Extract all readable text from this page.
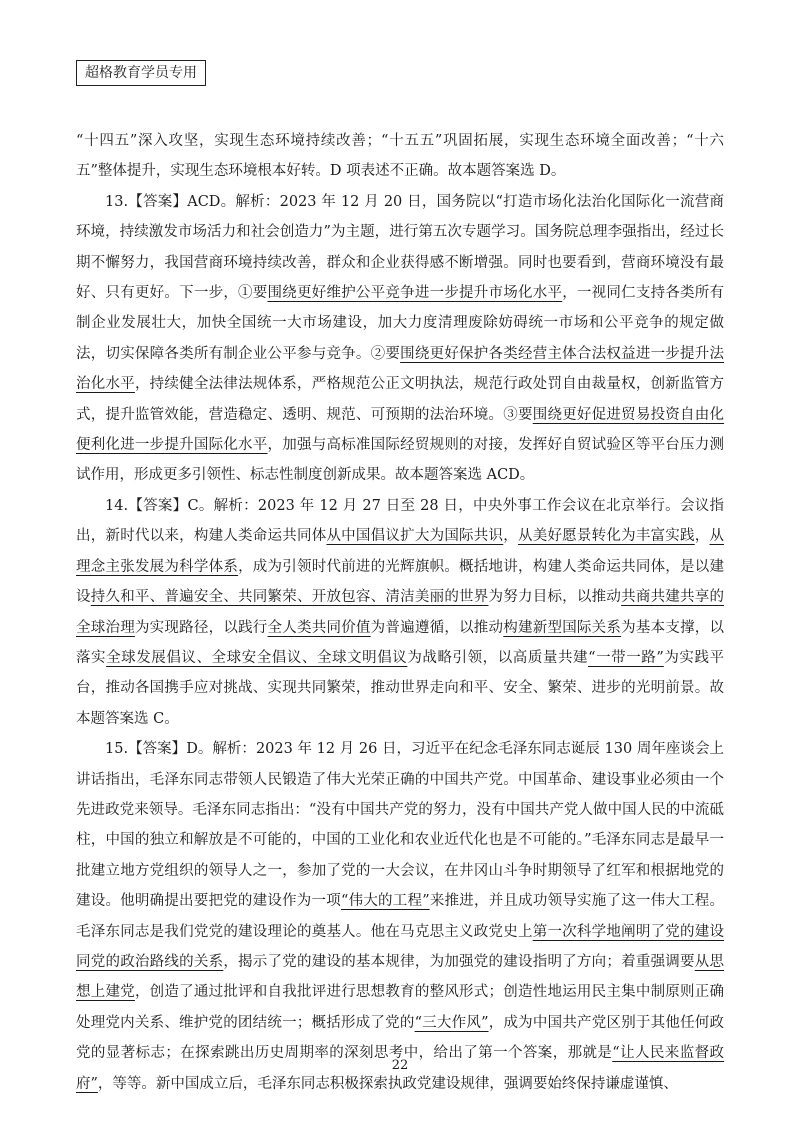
超格教育学员专用

“十四五”深入攻坚，实现生态环境持续改善；“十五五”巩固拓展，实现生态环境全面改善；“十六五”整体提升，实现生态环境根本好转。D 项表述不正确。故本题答案选 D。

13.【答案】ACD。解析：2023 年 12 月 20 日，国务院以“打造市场化法治化国际化一流营商环境，持续激发市场活力和社会创造力”为主题，进行第五次专题学习。国务院总理李强指出，经过长期不懈努力，我国营商环境持续改善，群众和企业获得感不断增强。同时也要看到，营商环境没有最好、只有更好。下一步，①要围绕更好维护公平竞争进一步提升市场化水平，一视同仁支持各类所有制企业发展壮大，加快全国统一大市场建设，加大力度清理废除妨碍统一市场和公平竞争的规定做法，切实保障各类所有制企业公平参与竞争。②要围绕更好保护各类经营主体合法权益进一步提升法治化水平，持续健全法律法规体系，严格规范公正文明执法，规范行政处罚自由裁量权，创新监管方式，提升监管效能，营造稳定、透明、规范、可预期的法治环境。③要围绕更好促进贸易投资自由化便利化进一步提升国际化水平，加强与高标准国际经贸规则的对接，发挥好自贸试验区等平台压力测试作用，形成更多引领性、标志性制度创新成果。故本题答案选 ACD。

14.【答案】C。解析：2023 年 12 月 27 日至 28 日，中央外事工作会议在北京举行。会议指出，新时代以来，构建人类命运共同体从中国倡议扩大为国际共识，从美好愿景转化为丰富实践，从理念主张发展为科学体系，成为引领时代前进的光辉旗帜。概括地讲，构建人类命运共同体，是以建设持久和平、普遍安全、共同繁荣、开放包容、清洁美丽的世界为努力目标，以推动共商共建共享的全球治理为实现路径，以践行全人类共同价值为普遍遵循，以推动构建新型国际关系为基本支撑，以落实全球发展倡议、全球安全倡议、全球文明倡议为战略引领，以高质量共建“一带一路”为实践平台，推动各国携手应对挑战、实现共同繁荣，推动世界走向和平、安全、繁荣、进步的光明前景。故本题答案选 C。

15.【答案】D。解析：2023 年 12 月 26 日，习近平在纪念毛泽东同志诞辰 130 周年座谈会上讲话指出，毛泽东同志带领人民锻造了伟大光荣正确的中国共产党。中国革命、建设事业必须由一个先进政党来领导。毛泽东同志指出：“没有中国共产党的努力，没有中国共产党人做中国人民的中流砥柱，中国的独立和解放是不可能的，中国的工业化和农业近代化也是不可能的。”毛泽东同志是最早一批建立地方党组织的领导人之一，参加了党的一大会议，在井冈山斗争时期领导了红军和根据地党的建设。他明确提出要把党的建设作为一项“伟大的工程”来推进，并且成功领导实施了这一伟大工程。毛泽东同志是我们党党的建设理论的奠基人。他在马克思主义政党史上第一次科学地阐明了党的建设同党的政治路线的关系，揭示了党的建设的基本规律，为加强党的建设指明了方向；着重强调要从思想上建党，创造了通过批评和自我批评进行思想教育的整风形式；创造性地运用民主集中制原则正确处理党内关系、维护党的团结统一；概括形成了党的“三大作风”，成为中国共产党区别于其他任何政党的显著标志；在探索跳出历史周期率的深刻思考中，给出了第一个答案，那就是“让人民来监督政府”，等等。新中国成立后，毛泽东同志积极探索执政党建设规律，强调要始终保持谦虚谨慎、

22
